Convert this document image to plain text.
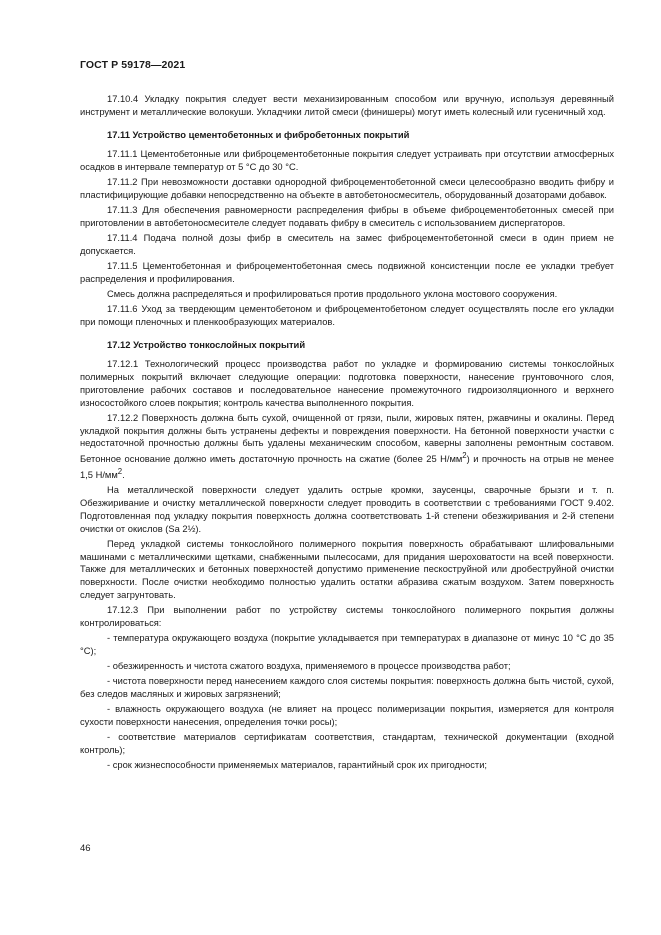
ГОСТ Р 59178—2021

17.10.4 Укладку покрытия следует вести механизированным способом или вручную, используя деревянный инструмент и металлические волокуши. Укладчики литой смеси (финишеры) могут иметь колесный или гусеничный ход.

17.11 Устройство цементобетонных и фибробетонных покрытий

17.11.1 Цементобетонные или фиброцементобетонные покрытия следует устраивать при отсутствии атмосферных осадков в интервале температур от 5 °С до 30 °С.

17.11.2 При невозможности доставки однородной фиброцементобетонной смеси целесообразно вводить фибру и пластифицирующие добавки непосредственно на объекте в автобетоносмеситель, оборудованный дозаторами добавок.

17.11.3 Для обеспечения равномерности распределения фибры в объеме фиброцементобетонных смесей при приготовлении в автобетоносмесителе следует подавать фибру в смеситель с использованием диспергаторов.

17.11.4 Подача полной дозы фибр в смеситель на замес фиброцементобетонной смеси в один прием не допускается.

17.11.5 Цементобетонная и фиброцементобетонная смесь подвижной консистенции после ее укладки требует распределения и профилирования.

Смесь должна распределяться и профилироваться против продольного уклона мостового сооружения.

17.11.6 Уход за твердеющим цементобетоном и фиброцементобетоном следует осуществлять после его укладки при помощи пленочных и пленкообразующих материалов.

17.12 Устройство тонкослойных покрытий

17.12.1 Технологический процесс производства работ по укладке и формированию системы тонкослойных полимерных покрытий включает следующие операции: подготовка поверхности, нанесение грунтовочного слоя, приготовление рабочих составов и последовательное нанесение промежуточного гидроизоляционного и верхнего износостойкого слоев покрытия; контроль качества выполненного покрытия.

17.12.2 Поверхность должна быть сухой, очищенной от грязи, пыли, жировых пятен, ржавчины и окалины. Перед укладкой покрытия должны быть устранены дефекты и повреждения поверхности. На бетонной поверхности участки с недостаточной прочностью должны быть удалены механическим способом, каверны заполнены ремонтным составом. Бетонное основание должно иметь достаточную прочность на сжатие (более 25 $Н/мм^2$) и прочность на отрыв не менее 1,5 $Н/мм^2$.

На металлической поверхности следует удалить острые кромки, заусенцы, сварочные брызги и т. п. Обезжиривание и очистку металлической поверхности следует проводить в соответствии с требованиями ГОСТ 9.402. Подготовленная под укладку покрытия поверхность должна соответствовать 1-й степени обезжиривания и 2-й степени очистки от окислов (Sa 2½).

Перед укладкой системы тонкослойного полимерного покрытия поверхность обрабатывают шлифовальными машинами с металлическими щетками, снабженными пылесосами, для придания шероховатости на всей поверхности. Также для металлических и бетонных поверхностей допустимо применение пескоструйной или дробеструйной очистки поверхности. После очистки необходимо полностью удалить остатки абразива сжатым воздухом. Затем поверхность следует загрунтовать.

17.12.3 При выполнении работ по устройству системы тонкослойного полимерного покрытия должны контролироваться:

- температура окружающего воздуха (покрытие укладывается при температурах в диапазоне от минус 10 °С до 35 °С);

- обезжиренность и чистота сжатого воздуха, применяемого в процессе производства работ;

- чистота поверхности перед нанесением каждого слоя системы покрытия: поверхность должна быть чистой, сухой, без следов масляных и жировых загрязнений;

- влажность окружающего воздуха (не влияет на процесс полимеризации покрытия, измеряется для контроля сухости поверхности нанесения, определения точки росы);

- соответствие материалов сертификатам соответствия, стандартам, технической документации (входной контроль);

- срок жизнеспособности применяемых материалов, гарантийный срок их пригодности;

46
